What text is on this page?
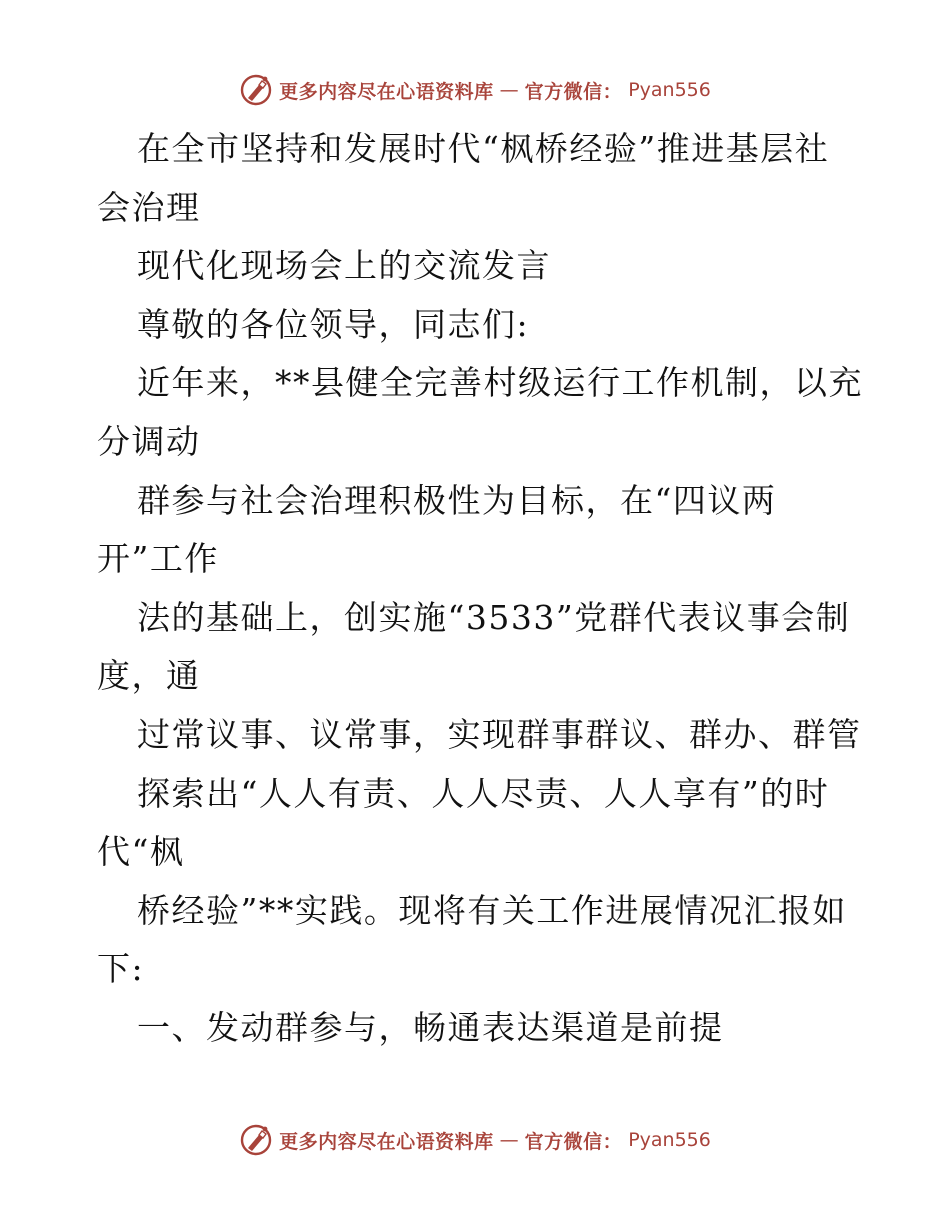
更多内容尽在心语资料库 — 官方微信： Pyan556
在全市坚持和发展时代“枫桥经验”推进基层社
会治理
现代化现场会上的交流发言
尊敬的各位领导，同志们:
近年来，**县健全完善村级运行工作机制，以充
分调动
群参与社会治理积极性为目标，在“四议两
开”工作
法的基础上，创实施“3533”党群代表议事会制
度，通
过常议事、议常事，实现群事群议、群办、群管
探索出“人人有责、人人尽责、人人享有”的时
代“枫
桥经验”**实践。现将有关工作进展情况汇报如
下:
一、发动群参与，畅通表达渠道是前提
更多内容尽在心语资料库 — 官方微信： Pyan556
